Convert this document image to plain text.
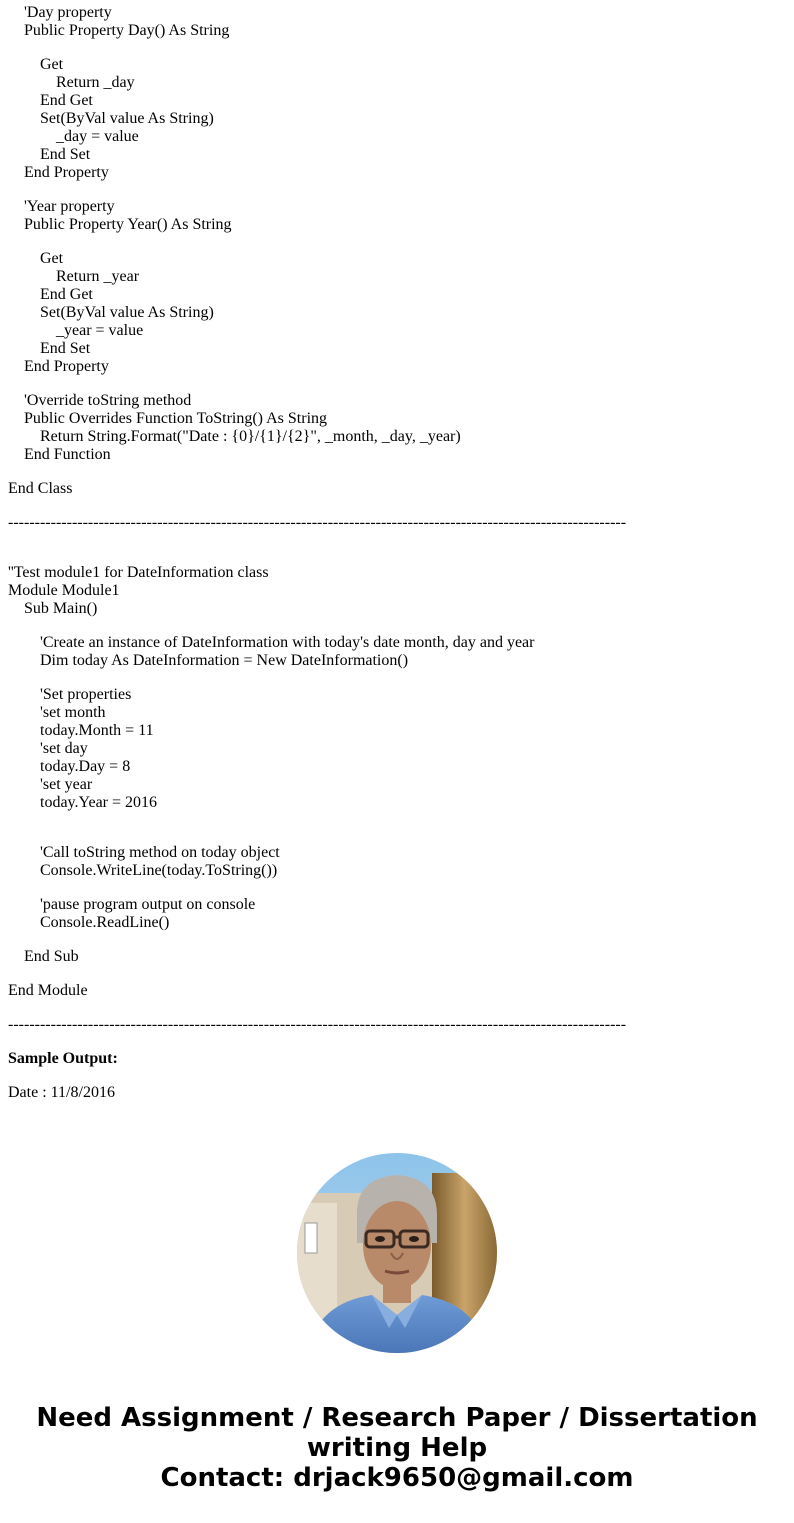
'Day property
Public Property Day() As String
Get
Return _day
End Get
Set(ByVal value As String)
_day = value
End Set
End Property
'Year property
Public Property Year() As String
Get
Return _year
End Get
Set(ByVal value As String)
_year = value
End Set
End Property
'Override toString method
Public Overrides Function ToString() As String
Return String.Format("Date : {0}/{1}/{2}", _month, _day, _year)
End Function
End Class
--------------------------------------------------------------------------------------------------------------------
''Test module1 for DateInformation class
Module Module1
Sub Main()
'Create an instance of DateInformation with today's date month, day and year
Dim today As DateInformation = New DateInformation()
'Set properties
'set month
today.Month = 11
'set day
today.Day = 8
'set year
today.Year = 2016
'Call toString method on today object
Console.WriteLine(today.ToString())
'pause program output on console
Console.ReadLine()
End Sub
End Module
--------------------------------------------------------------------------------------------------------------------
Sample Output:
Date : 11/8/2016
Need Assignment / Research Paper / Dissertation
writing Help
Contact: drjack9650@gmail.com
